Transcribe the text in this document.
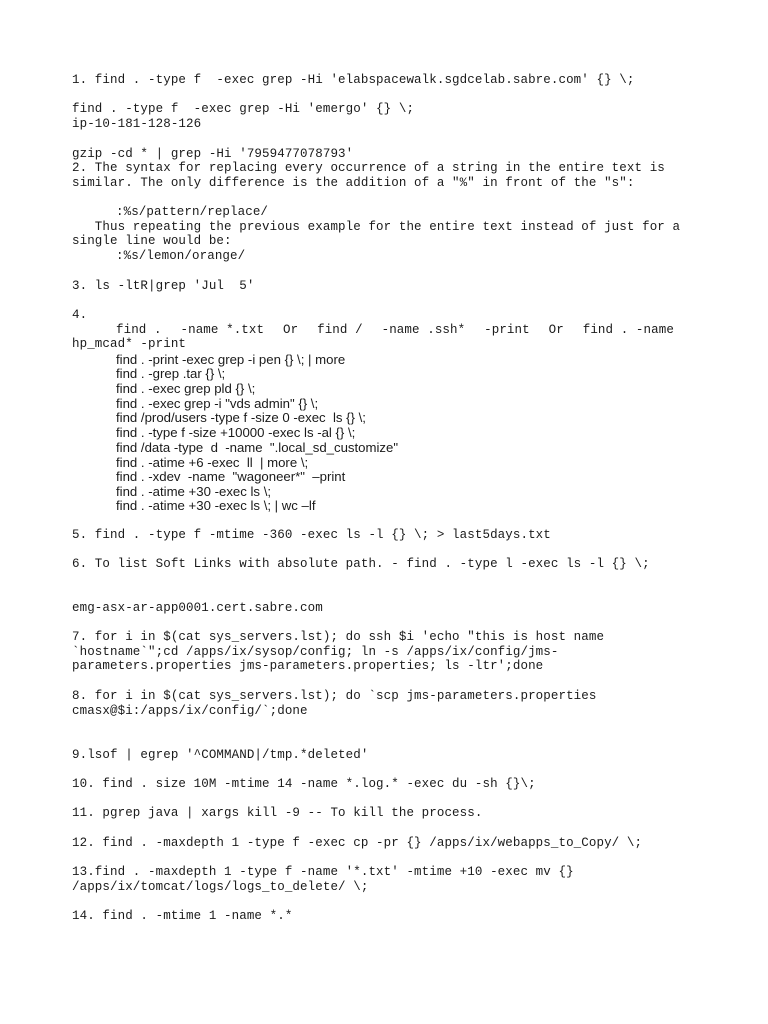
1. find . -type f  -exec grep -Hi 'elabspacewalk.sgdcelab.sabre.com' {} \;
find . -type f  -exec grep -Hi 'emergo' {} \;
ip-10-181-128-126
gzip -cd * | grep -Hi '7959477078793'
2. The syntax for replacing every occurrence of a string in the entire text is
similar. The only difference is the addition of a "%" in front of the "s":
:%s/pattern/replace/
Thus repeating the previous example for the entire text instead of just for a
single line would be:
:%s/lemon/orange/
3. ls -ltR|grep 'Jul  5'
4.
find . -name *.txt Or find / -name .ssh* -print Or find . -name
hp_mcad* -print
find . -print -exec grep -i pen {} \; | more
find . -grep .tar {} \;
find . -exec grep pld {} \;
find . -exec grep -i "vds admin" {} \;
find /prod/users -type f -size 0 -exec  ls {} \;
find . -type f -size +10000 -exec ls -al {} \;
find /data -type  d  -name  ".local_sd_customize"
find . -atime +6 -exec  ll  | more \;
find . -xdev  -name  "wagoneer*"  –print
find . -atime +30 -exec ls \;
find . -atime +30 -exec ls \; | wc –lf
5. find . -type f -mtime -360 -exec ls -l {} \; > last5days.txt
6. To list Soft Links with absolute path. - find . -type l -exec ls -l {} \;
emg-asx-ar-app0001.cert.sabre.com
7. for i in $(cat sys_servers.lst); do ssh $i 'echo "this is host name
`hostname`";cd /apps/ix/sysop/config; ln -s /apps/ix/config/jms-
parameters.properties jms-parameters.properties; ls -ltr';done
8. for i in $(cat sys_servers.lst); do `scp jms-parameters.properties
cmasx@$i:/apps/ix/config/`;done
9.lsof | egrep '^COMMAND|/tmp.*deleted'
10. find . size 10M -mtime 14 -name *.log.* -exec du -sh {}\;
11. pgrep java | xargs kill -9 -- To kill the process.
12. find . -maxdepth 1 -type f -exec cp -pr {} /apps/ix/webapps_to_Copy/ \;
13.find . -maxdepth 1 -type f -name '*.txt' -mtime +10 -exec mv {}
/apps/ix/tomcat/logs/logs_to_delete/ \;
14. find . -mtime 1 -name *.*
